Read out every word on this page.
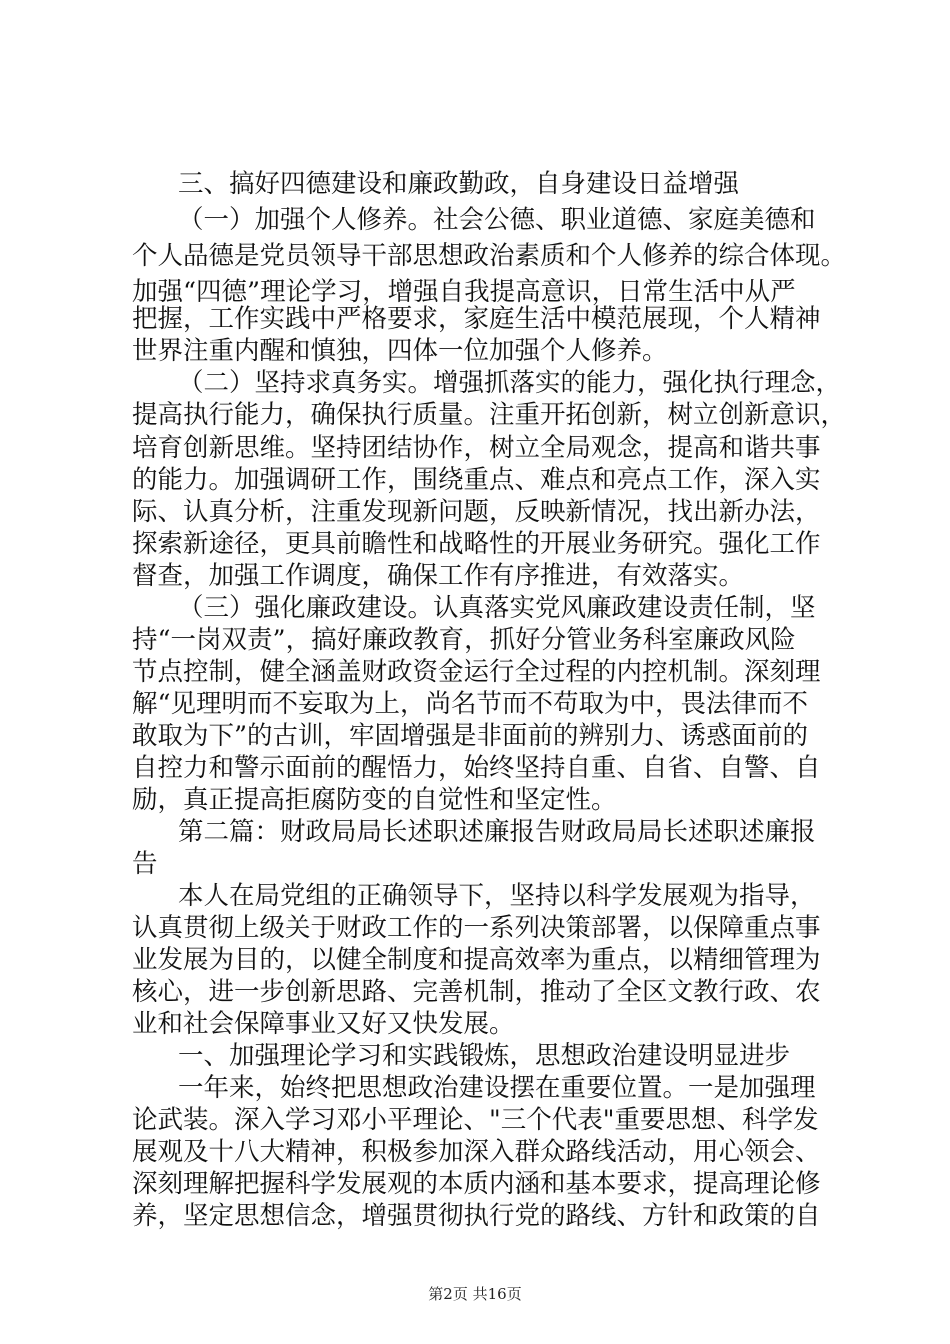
三、搞好四德建设和廉政勤政，自身建设日益增强
（一）加强个人修养。社会公德、职业道德、家庭美德和
个人品德是党员领导干部思想政治素质和个人修养的综合体现。
加强“四德”理论学习，增强自我提高意识，日常生活中从严
把握，工作实践中严格要求，家庭生活中模范展现，个人精神
世界注重内醒和慎独，四体一位加强个人修养。
（二）坚持求真务实。增强抓落实的能力，强化执行理念，
提高执行能力，确保执行质量。注重开拓创新，树立创新意识，
培育创新思维。坚持团结协作，树立全局观念，提高和谐共事
的能力。加强调研工作，围绕重点、难点和亮点工作，深入实
际、认真分析，注重发现新问题，反映新情况，找出新办法，
探索新途径，更具前瞻性和战略性的开展业务研究。强化工作
督查，加强工作调度，确保工作有序推进，有效落实。
（三）强化廉政建设。认真落实党风廉政建设责任制，坚
持“一岗双责”，搞好廉政教育，抓好分管业务科室廉政风险
节点控制，健全涵盖财政资金运行全过程的内控机制。深刻理
解“见理明而不妄取为上，尚名节而不苟取为中，畏法律而不
敢取为下”的古训，牢固增强是非面前的辨别力、诱惑面前的
自控力和警示面前的醒悟力，始终坚持自重、自省、自警、自
励，真正提高拒腐防变的自觉性和坚定性。
第二篇：财政局局长述职述廉报告财政局局长述职述廉报
告
本人在局党组的正确领导下，坚持以科学发展观为指导，
认真贯彻上级关于财政工作的一系列决策部署，以保障重点事
业发展为目的，以健全制度和提高效率为重点，以精细管理为
核心，进一步创新思路、完善机制，推动了全区文教行政、农
业和社会保障事业又好又快发展。
一、加强理论学习和实践锻炼，思想政治建设明显进步
一年来，始终把思想政治建设摆在重要位置。一是加强理
论武装。深入学习邓小平理论、"三个代表"重要思想、科学发
展观及十八大精神，积极参加深入群众路线活动，用心领会、
深刻理解把握科学发展观的本质内涵和基本要求，提高理论修
养，坚定思想信念，增强贯彻执行党的路线、方针和政策的自
第2页 共16页
